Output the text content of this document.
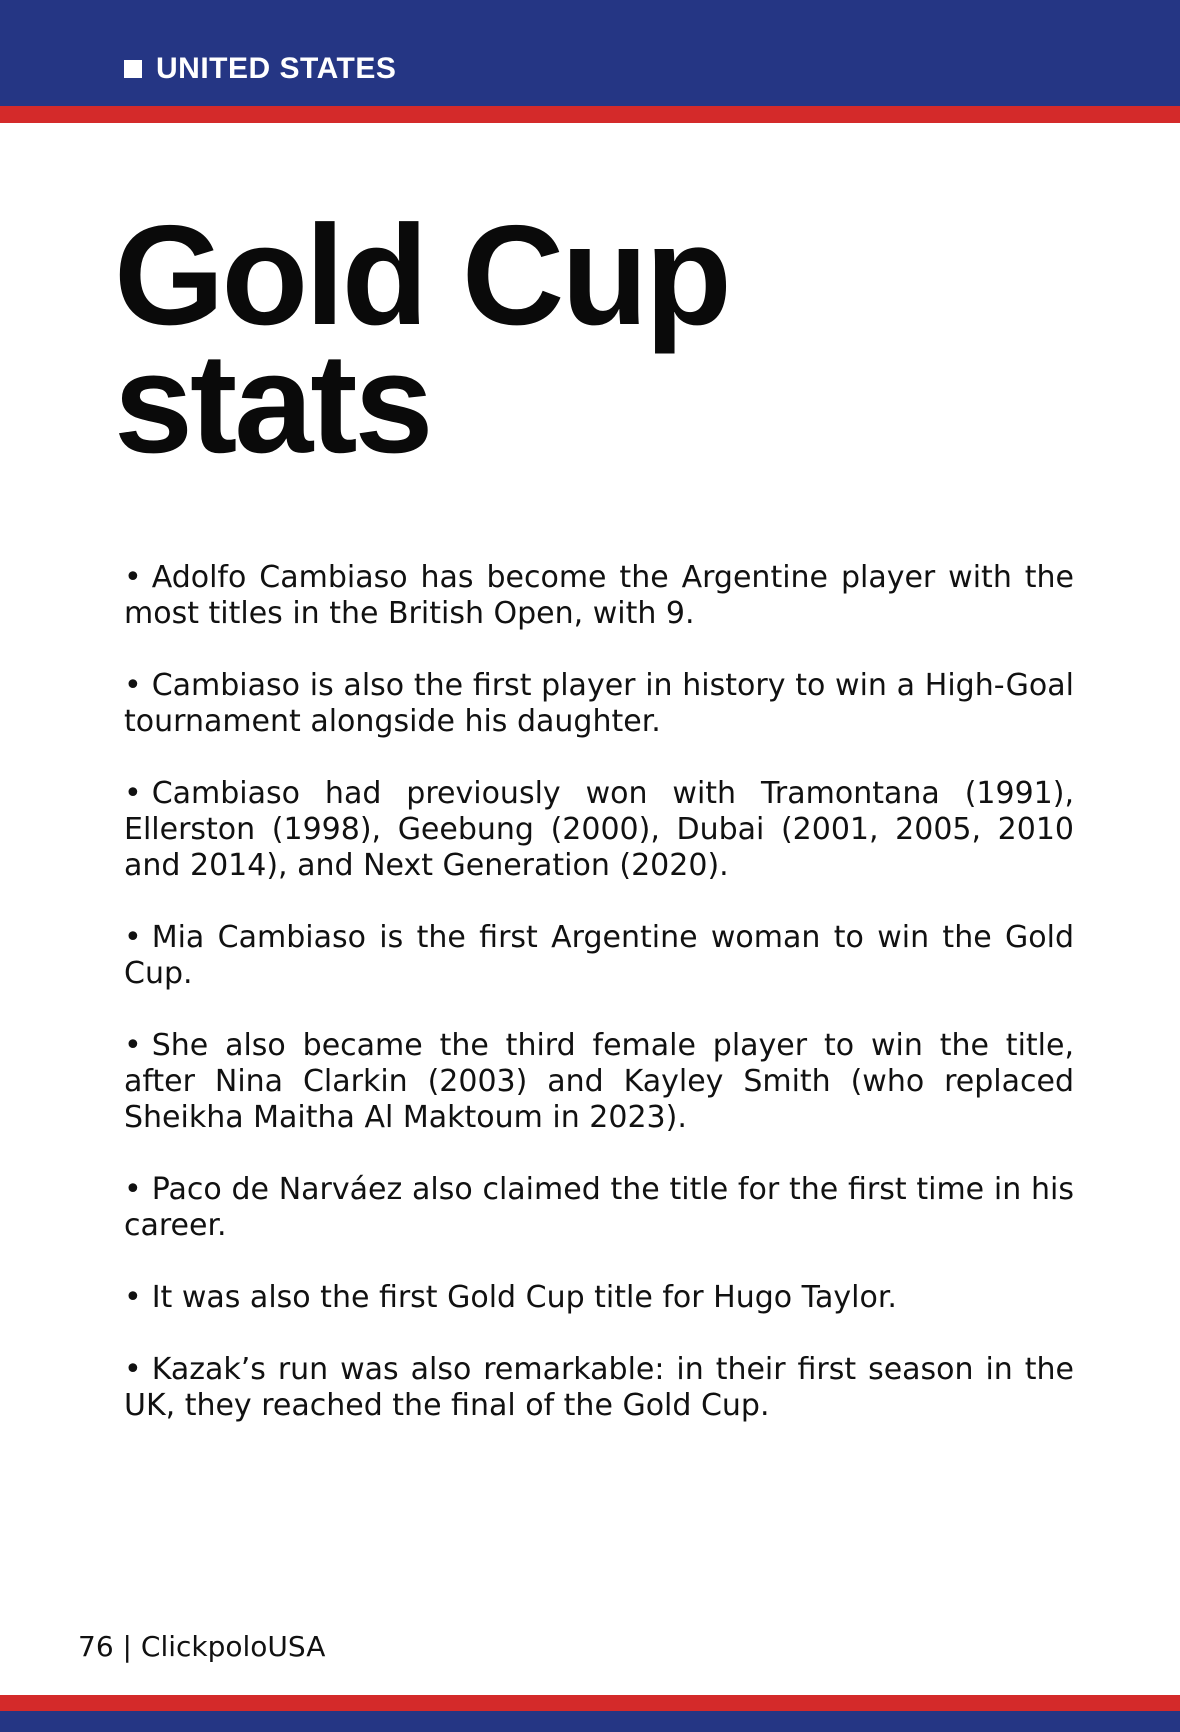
UNITED STATES
Gold Cup
stats
• Adolfo Cambiaso has become the Argentine player with the most titles in the British Open, with 9.
• Cambiaso is also the first player in history to win a High-Goal tournament alongside his daughter.
• Cambiaso had previously won with Tramontana (1991), Ellerston (1998), Geebung (2000), Dubai (2001, 2005, 2010 and 2014), and Next Generation (2020).
• Mia Cambiaso is the first Argentine woman to win the Gold Cup.
• She also became the third female player to win the title, after Nina Clarkin (2003) and Kayley Smith (who replaced Sheikha Maitha Al Maktoum in 2023).
• Paco de Narváez also claimed the title for the first time in his career.
• It was also the first Gold Cup title for Hugo Taylor.
• Kazak’s run was also remarkable: in their first season in the UK, they reached the final of the Gold Cup.
76 | ClickpoloUSA
